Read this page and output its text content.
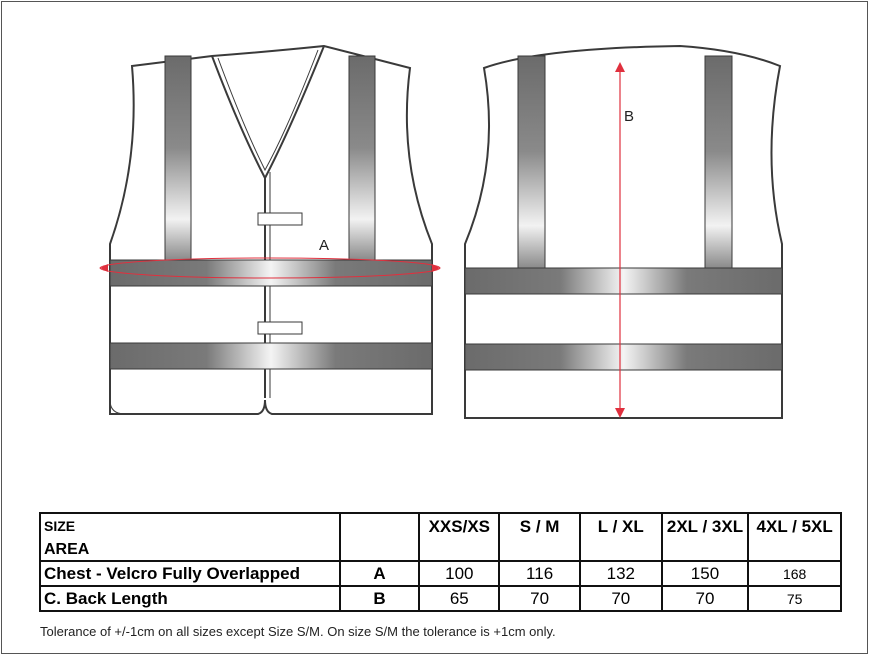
A
B
SIZE
AREA		XXS/XS	S / M	L / XL	2XL / 3XL	4XL / 5XL
Chest - Velcro Fully Overlapped	A	100	116	132	150	168
C. Back Length	B	65	70	70	70	75
Tolerance of +/-1cm on all sizes except Size S/M. On size S/M the tolerance is +1cm only.
